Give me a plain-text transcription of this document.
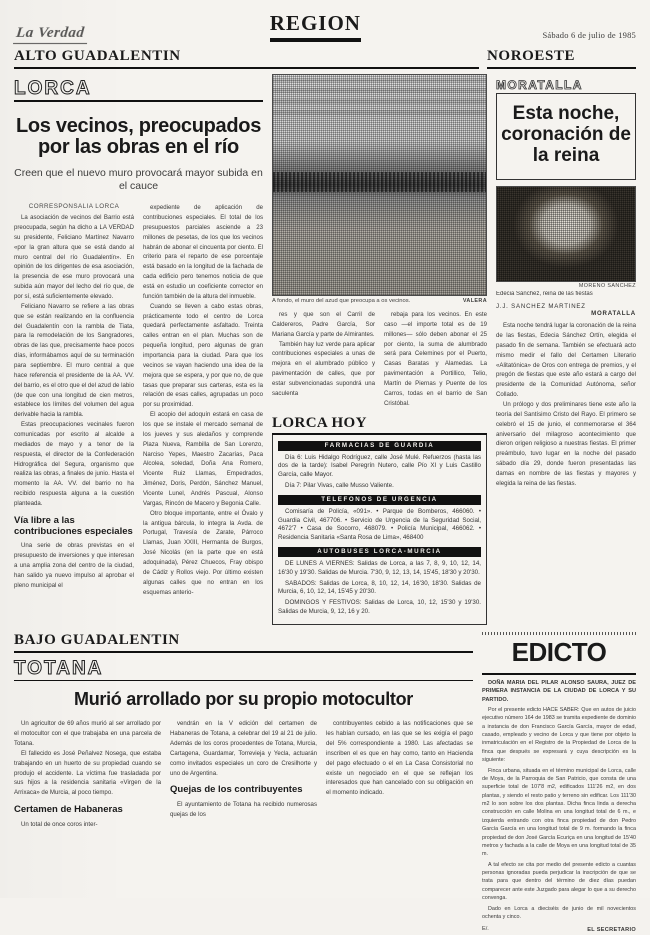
La Verdad	REGION	Sábado 6 de julio de 1985
ALTO GUADALENTIN	NOROESTE
LORCA
Los vecinos, preocupados por las obras en el río
Creen que el nuevo muro provocará mayor subida en el cauce
CORRESPONSALIA LORCA

La asociación de vecinos del Barrio está preocupada, según ha dicho a LA VERDAD su presidente, Feliciano Martínez Navarro «por la gran altura que se está dando al muro central del río Guadalentín». En opinión de los dirigentes de esa asociación, la presencia de ese muro provocará una subida aún mayor del lecho del río que, de por sí, está suficientemente elevado.

Feliciano Navarro se refiere a las obras que se están realizando en la confluencia del Guadalentín con la rambla de Tiata, para la remodelación de los Sangradores, obras de las que, precisamente hace pocos días, informábamos aquí de su terminación para septiembre. El muro central a que hace referencia el presidente de la AA. VV. del barrio, es el otro que el del azud de labio (de que con una longitud de cien metros, establece los límites del volumen del agua derivable hacia la rambla.

Estas preocupaciones vecinales fueron comunicadas por escrito al alcalde a mediados de mayo y a tenor de la respuesta, el director de la Confederación Hidrográfica del Segura, organismo que realiza las obras, a finales de junio. Hasta el momento la AA. VV. del barrio no ha recibido respuesta alguna a la cuestión planteada.

Vía libre a las contribuciones especiales

Una serie de obras previstas en el presupuesto de inversiones y que interesan a una amplia zona del centro de la ciudad, han salido ya nuevo impulso al aprobar el pleno municipal el

expediente de aplicación de contribuciones especiales. El total de los presupuestos parciales asciende a 23 millones de pesetas, de los que los vecinos habrán de abonar el cincuenta por ciento. El criterio para el reparto de ese porcentaje está basado en la longitud de la fachada de cada edificio pero tenemos noticia de que está en estudio un coeficiente corrector en función también de la altura del inmueble.

Cuando se lleven a cabo estas obras, prácticamente todo el centro de Lorca quedará perfectamente asfaltado. Treinta calles entran en el plan. Muchas son de pequeña longitud, pero algunas de gran importancia para la ciudad. Para que los vecinos se vayan haciendo una idea de la mejora que se espera, y por que no, de que tasas que preparar sus carteras, esta es la relación de esas calles, agrupadas un poco por su proximidad.

El acopio del adoquín estará en casa de los que se instale el mercado semanal de los jueves y sus aledaños y comprende Plaza Nueva, Rambilla de San Lorenzo, Narciso Yepes, Maestro Zacarías, Paca Alcolea, soledad, Doña Ana Romero, Vicente Ruiz Llamas, Empedrados, Jiménez, Doris, Perdón, Sánchez Manuel, Vicente Lunel, Andrés Pascual, Alonso Vargas, Rincón de Macero y Begonia Calle.

Otro bloque importante, entre el Óvalo y la antigua bárcula, lo integra la Avda. de Portugal, Travesía de Zarate, Párroco Llamas, Juan XXIII, Hermanta de Burgos, José Nicolás (en la parte que en está adoquinada), Pérez Chuecos, Fray obispo de Cádiz y Rollos viejo. Por último existen algunas calles que no entran en los esquemas anterio-

A fondo, el muro del azud que preocupa a os vecinos.	VALERA

res y que son el Carril de Caldereros, Padre García, Sor Mariana García y parte de Almirantes.

También hay luz verde para aplicar contribuciones especiales a unas de mejora en el alumbrado público y pavimentación de calles, que por estar subvencionadas supondrá una saculenta

rebaja para los vecinos. En este caso —el importe total es de 19 millones— sólo deben abonar el 25 por ciento, la suma de alumbrado será para Celemines por el Puerto, Casas Baratas y Alamedas. La pavimentación a Portillico, Telio, Martín de Piernas y Puente de los Carros, todas en el barrio de San Cristóbal.

LORCA HOY
FARMACIAS DE GUARDIA

Día 6: Luis Hidalgo Rodríguez, calle José Mulé. Refuerzos (hasta las dos de la tarde): Isabel Peregrín Nutero, calle Pío XI y Luis Castillo García, calle Mayor.

Día 7: Pilar Vivas, calle Musso Valiente.

TELEFONOS DE URGENCIA

Comisaría de Policía, «091». • Parque de Bomberos, 466060. • Guardia Civil, 467706. • Servicio de Urgencia de la Seguridad Social, 4672'7 • Casa de Socorro, 468079. • Policía Municipal, 466062. • Residencia Sanitaria «Santa Rosa de Lima», 468400

AUTOBUSES LORCA-MURCIA

DE LUNES A VIERNES: Salidas de Lorca, a las 7, 8, 9, 10, 12, 14, 16'30 y 19'30. Salidas de Murcia. 7'30, 9, 12, 13, 14, 15'45, 18'30 y 20'30.

SABADOS: Salidas de Lorca, 8, 10, 12, 14, 16'30, 18'30. Salidas de Murcia, 6, 10, 12, 14, 15'45 y 20'30.

DOMINGOS Y FESTIVOS: Salidas de Lorca, 10, 12, 15'30 y 19'30. Salidas de Murcia, 9, 12, 16 y 20.

MORATALLA
Esta noche, coronación de la reina
MORENO SANCHEZ
Edecia Sánchez, reina de las fiestas
J.J. SANCHEZ MARTINEZ
MORATALLA

Esta noche tendrá lugar la coronación de la reina de las fiestas, Edecia Sánchez Ortín, elegida el pasado fin de semana. También se efectuará acto mismo medir el fallo del Certamen Literario «Alitatónica» de Oros con entrega de premios, y el pregón de fiestas que este año estará a cargo del presidente de la Comunidad Autónoma, señor Collado.

Un prólogo y dos preliminares tiene este año la teoría del Santísimo Cristo del Rayo. El primero se celebró el 15 de junio, el conmemorarse el 364 aniversario del milagroso acontecimiento que dieron origen religioso a nuestras fiestas. El primer preámbulo, tuvo lugar en la noche del pasado sábado día 29, donde fueron presentadas las damas en nombre de las fiestas y mayores y elegida la reina de las fiestas.

BAJO GUADALENTIN
TOTANA
Murió arrollado por su propio motocultor

Un agricultor de 69 años murió al ser arrollado por el motocultor con el que trabajaba en una parcela de Totana.

El fallecido es José Peñalvez Nosega, que estaba trabajando en un huerto de su propiedad cuando se produjo el accidente. La víctima fue trasladada por sus hijos a la residencia sanitaria «Virgen de la Arrixaca» de Murcia, al poco tiempo.

Certamen de Habaneras

Un total de once coros inter-

vendrán en la V edición del certamen de Habaneras de Totana, a celebrar del 19 al 21 de julio. Además de los coros procedentes de Totana, Murcia, Cartagena, Guardamar, Torrevieja y Yecla, actuarán como invitados especiales un coro de Cresilhorte y uno de Argentina.

Quejas de los contribuyentes

El ayuntamiento de Totana ha recibido numerosas quejas de los

contribuyentes cebido a las notificaciones que se les habían cursado, en las que se les exigía el pago del 5% correspondiente a 1980. Las afectadas se inscriben el es que en hay como, tanto en Hacienda del pago efectuado o el en La Casa Consistorial no existe un negociado en el que se reflejan los interesados que han cancelado con su obligación en el momento indicado.

EDICTO

DOÑA MARIA DEL PILAR ALONSO SAURA, JUEZ DE PRIMERA INSTANCIA DE LA CIUDAD DE LORCA Y SU PARTIDO.

Por el presente edicto HACE SABER: Que en autos de juicio ejecutivo número 164 de 1983 se tramita expediente de dominio a instancia de don Francisco García García, mayor de edad, casado, empleado y vecino de Lorca y que tiene por objeto la inmatriculación en el Registro de la Propiedad de Lorca de la finca que después se expresará y cuya descripción es la siguiente:

Finca urbana, situada en el término municipal de Lorca, calle de Moya, de la Parroquia de San Patricio, que consta de una superficie total de 107'8 m2, edificados 111'26 m2, en dos plantas, y siendo el resto patio y terreno sin edificar. Los 111'30 m2 lo son sobre los dos plantas. Dicha finca linda a derecha construcción en calle Molina en una longitud total de 6 m., e izquierda entrando con otra finca propiedad de don Pedro García García en una longitud total de 9 m. formando la finca propiedad de don José García Ecuriça en una longitud de 15'40 metros y fachada a la calle de Moya en una longitud total de 35 m.

A tal efecto se cita por medio del presente edicto a cuantas personas ignoradas pueda perjudicar la inscripción de que se trata para que dentro del término de diez días puedan comparecer ante este Juzgado para alegar lo que a su derecho convenga.

Dado en Lorca a dieciséis de junio de mil novecientos ochenta y cinco.

E/.	EL SECRETARIO
